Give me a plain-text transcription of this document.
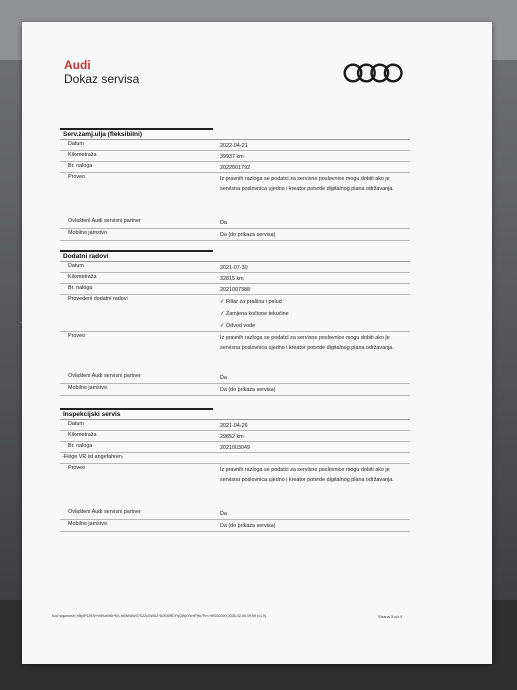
Audi
Dokaz servisa
Serv.zamj.ulja (fleksibilni)
Datum	2022-04-21
Kilometraža	39937 km
Br. naloga	2022001792
Proveo	Iz pravnih razloga se podatci za servisne poslovnice mogu dobiti ako je servisna poslovnica ujedno i kreator potvrde digitalnog plana održavanja.
Ovlašteni Audi servisni partner	Da
Mobilno jamstvo	Da (do prikaza servisa)
Dodatni radovi
Datum	2021-07-30
Kilometraža	32815 km
Br. naloga	2021007388
Provedeni dodatni radovi	✓ Filtar za prašinu i pelud
✓ Zamjena kočione tekućine
✓ Odvod vode
Proveo	Iz pravnih razloga se podatci za servisne poslovnice mogu dobiti ako je servisna poslovnica ujedno i kreator potvrde digitalnog plana održavanja.
Ovlašteni Audi servisni partner	Da
Mobilno jamstvo	Da (do prikaza servisa)
Inspekcijski servis
Datum	2021-04-26
Kilometraža	29852 km
Br. naloga	2021003049
-Felge VR ist angefahren,
Proveo	Iz pravnih razloga se podatci za servisne poslovnice mogu dobiti ako je servisna poslovnica ujedno i kreator potvrde digitalnog plana održavanja.
Ovlašteni Audi servisni partner	Da
Mobilno jamstvo	Da (do prikaza servisa)
Kod sigurnosti: eBy8*5J9Sh*mRueM6r*Kh-tcMWd9z07SZZp3WAZ*bOE6lRDFqQWpYkmFHk7Pm HR030390 2026-02-06 09:59 (v1.0)	Strana 3 od 4
